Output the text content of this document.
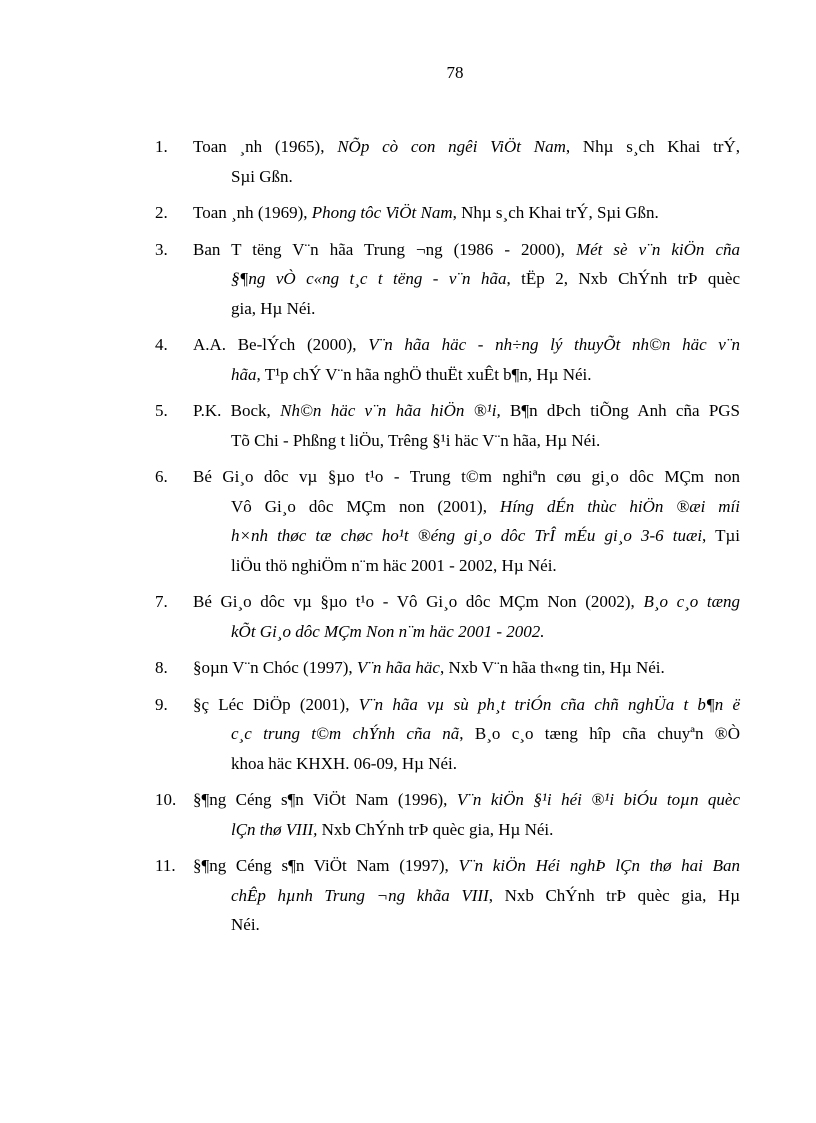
78
1. Toan ¸nh (1965), NÕp cò con ngêi ViÖt Nam, Nhµ s¸ch Khai trÝ,
Sµi Gßn.
2. Toan ¸nh (1969), Phong tôc ViÖt Nam, Nhµ s¸ch Khai trÝ, Sµi Gßn.
3. Ban T tëng V¨n hãa Trung ¬ng (1986 - 2000), Mét sè v¨n kiÖn cña
§¶ng vÒ c«ng t¸c t tëng - v¨n hãa, tËp 2, Nxb ChÝnh trÞ quèc
gia, Hµ Néi.
4. A.A. Be-lÝch (2000), V¨n hãa häc - nh÷ng lý thuyÕt nh©n häc v¨n
hãa, T¹p chÝ V¨n hãa nghÖ thuËt xuÊt b¶n, Hµ Néi.
5. P.K. Bock, Nh©n häc v¨n hãa hiÖn ®¹i, B¶n dÞch tiÕng Anh cña PGS
Tõ Chi - Phßng t liÖu, Trêng §¹i häc V¨n hãa, Hµ Néi.
6. Bé Gi¸o dôc vµ §µo t¹o - Trung t©m nghiªn cøu gi¸o dôc MÇm non
Vô Gi¸o dôc MÇm non (2001), Híng dÉn thùc hiÖn ®æi míi
h×nh thøc tæ chøc ho¹t ®éng gi¸o dôc TrÎ mÉu gi¸o 3-6 tuæi, Tµi
liÖu thö nghiÖm n¨m häc 2001 - 2002, Hµ Néi.
7. Bé Gi¸o dôc vµ §µo t¹o - Vô Gi¸o dôc MÇm Non (2002), B¸o c¸o tæng
kÕt Gi¸o dôc MÇm Non n¨m häc 2001 - 2002.
8. §oµn V¨n Chóc (1997), V¨n hãa häc, Nxb V¨n hãa th«ng tin, Hµ Néi.
9. §ç Léc DiÖp (2001), V¨n hãa vµ sù ph¸t triÓn cña chñ nghÜa t b¶n ë
c¸c trung t©m chÝnh cña nã, B¸o c¸o tæng hîp cña chuyªn ®Ò
khoa häc KHXH. 06-09, Hµ Néi.
10. §¶ng Céng s¶n ViÖt Nam (1996), V¨n kiÖn §¹i héi ®¹i biÓu toµn quèc
lÇn thø VIII, Nxb ChÝnh trÞ quèc gia, Hµ Néi.
11. §¶ng Céng s¶n ViÖt Nam (1997), V¨n kiÖn Héi nghÞ lÇn thø hai Ban
chÊp hµnh Trung ¬ng khãa VIII, Nxb ChÝnh trÞ quèc gia, Hµ
Néi.
